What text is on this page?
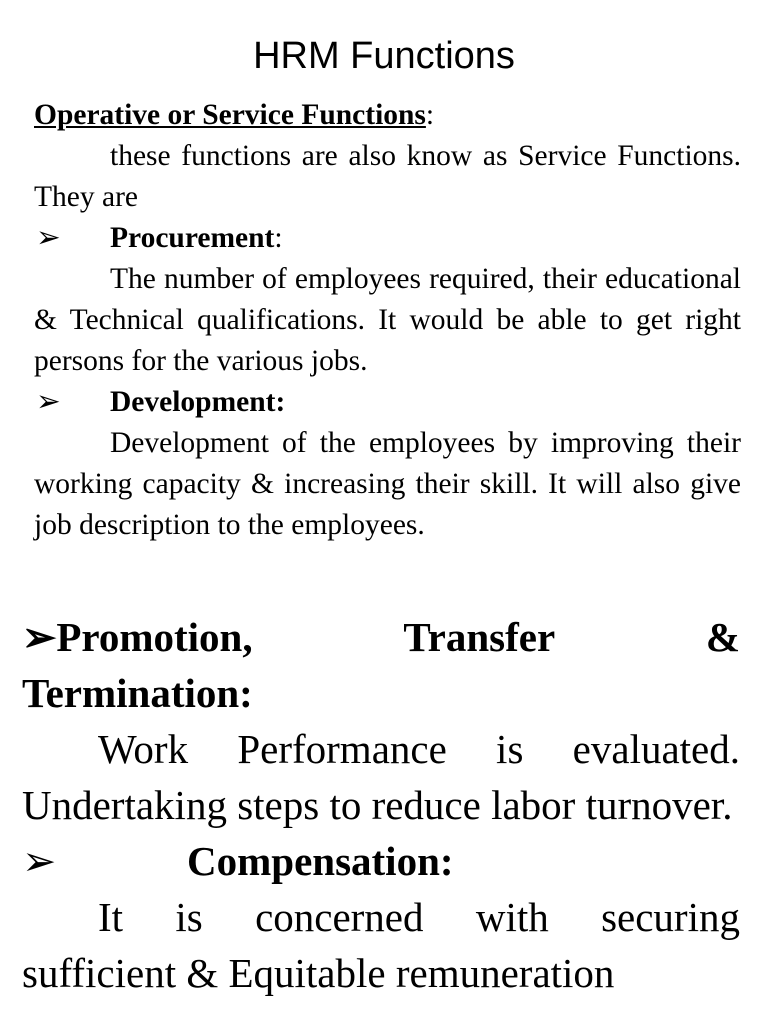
HRM Functions

Operative or Service Functions:

these functions are also know as Service Functions. They are

➢ Procurement:

The number of employees required, their educational & Technical qualifications. It would be able to get right persons for the various jobs.

➢ Development:

Development of the employees by improving their working capacity & increasing their skill. It will also give job description to the employees.

➢Promotion,	Transfer	&

Termination:

Work Performance is evaluated. Undertaking steps to reduce labor turnover.

➢	Compensation:

It is concerned with securing

sufficient & Equitable remuneration
